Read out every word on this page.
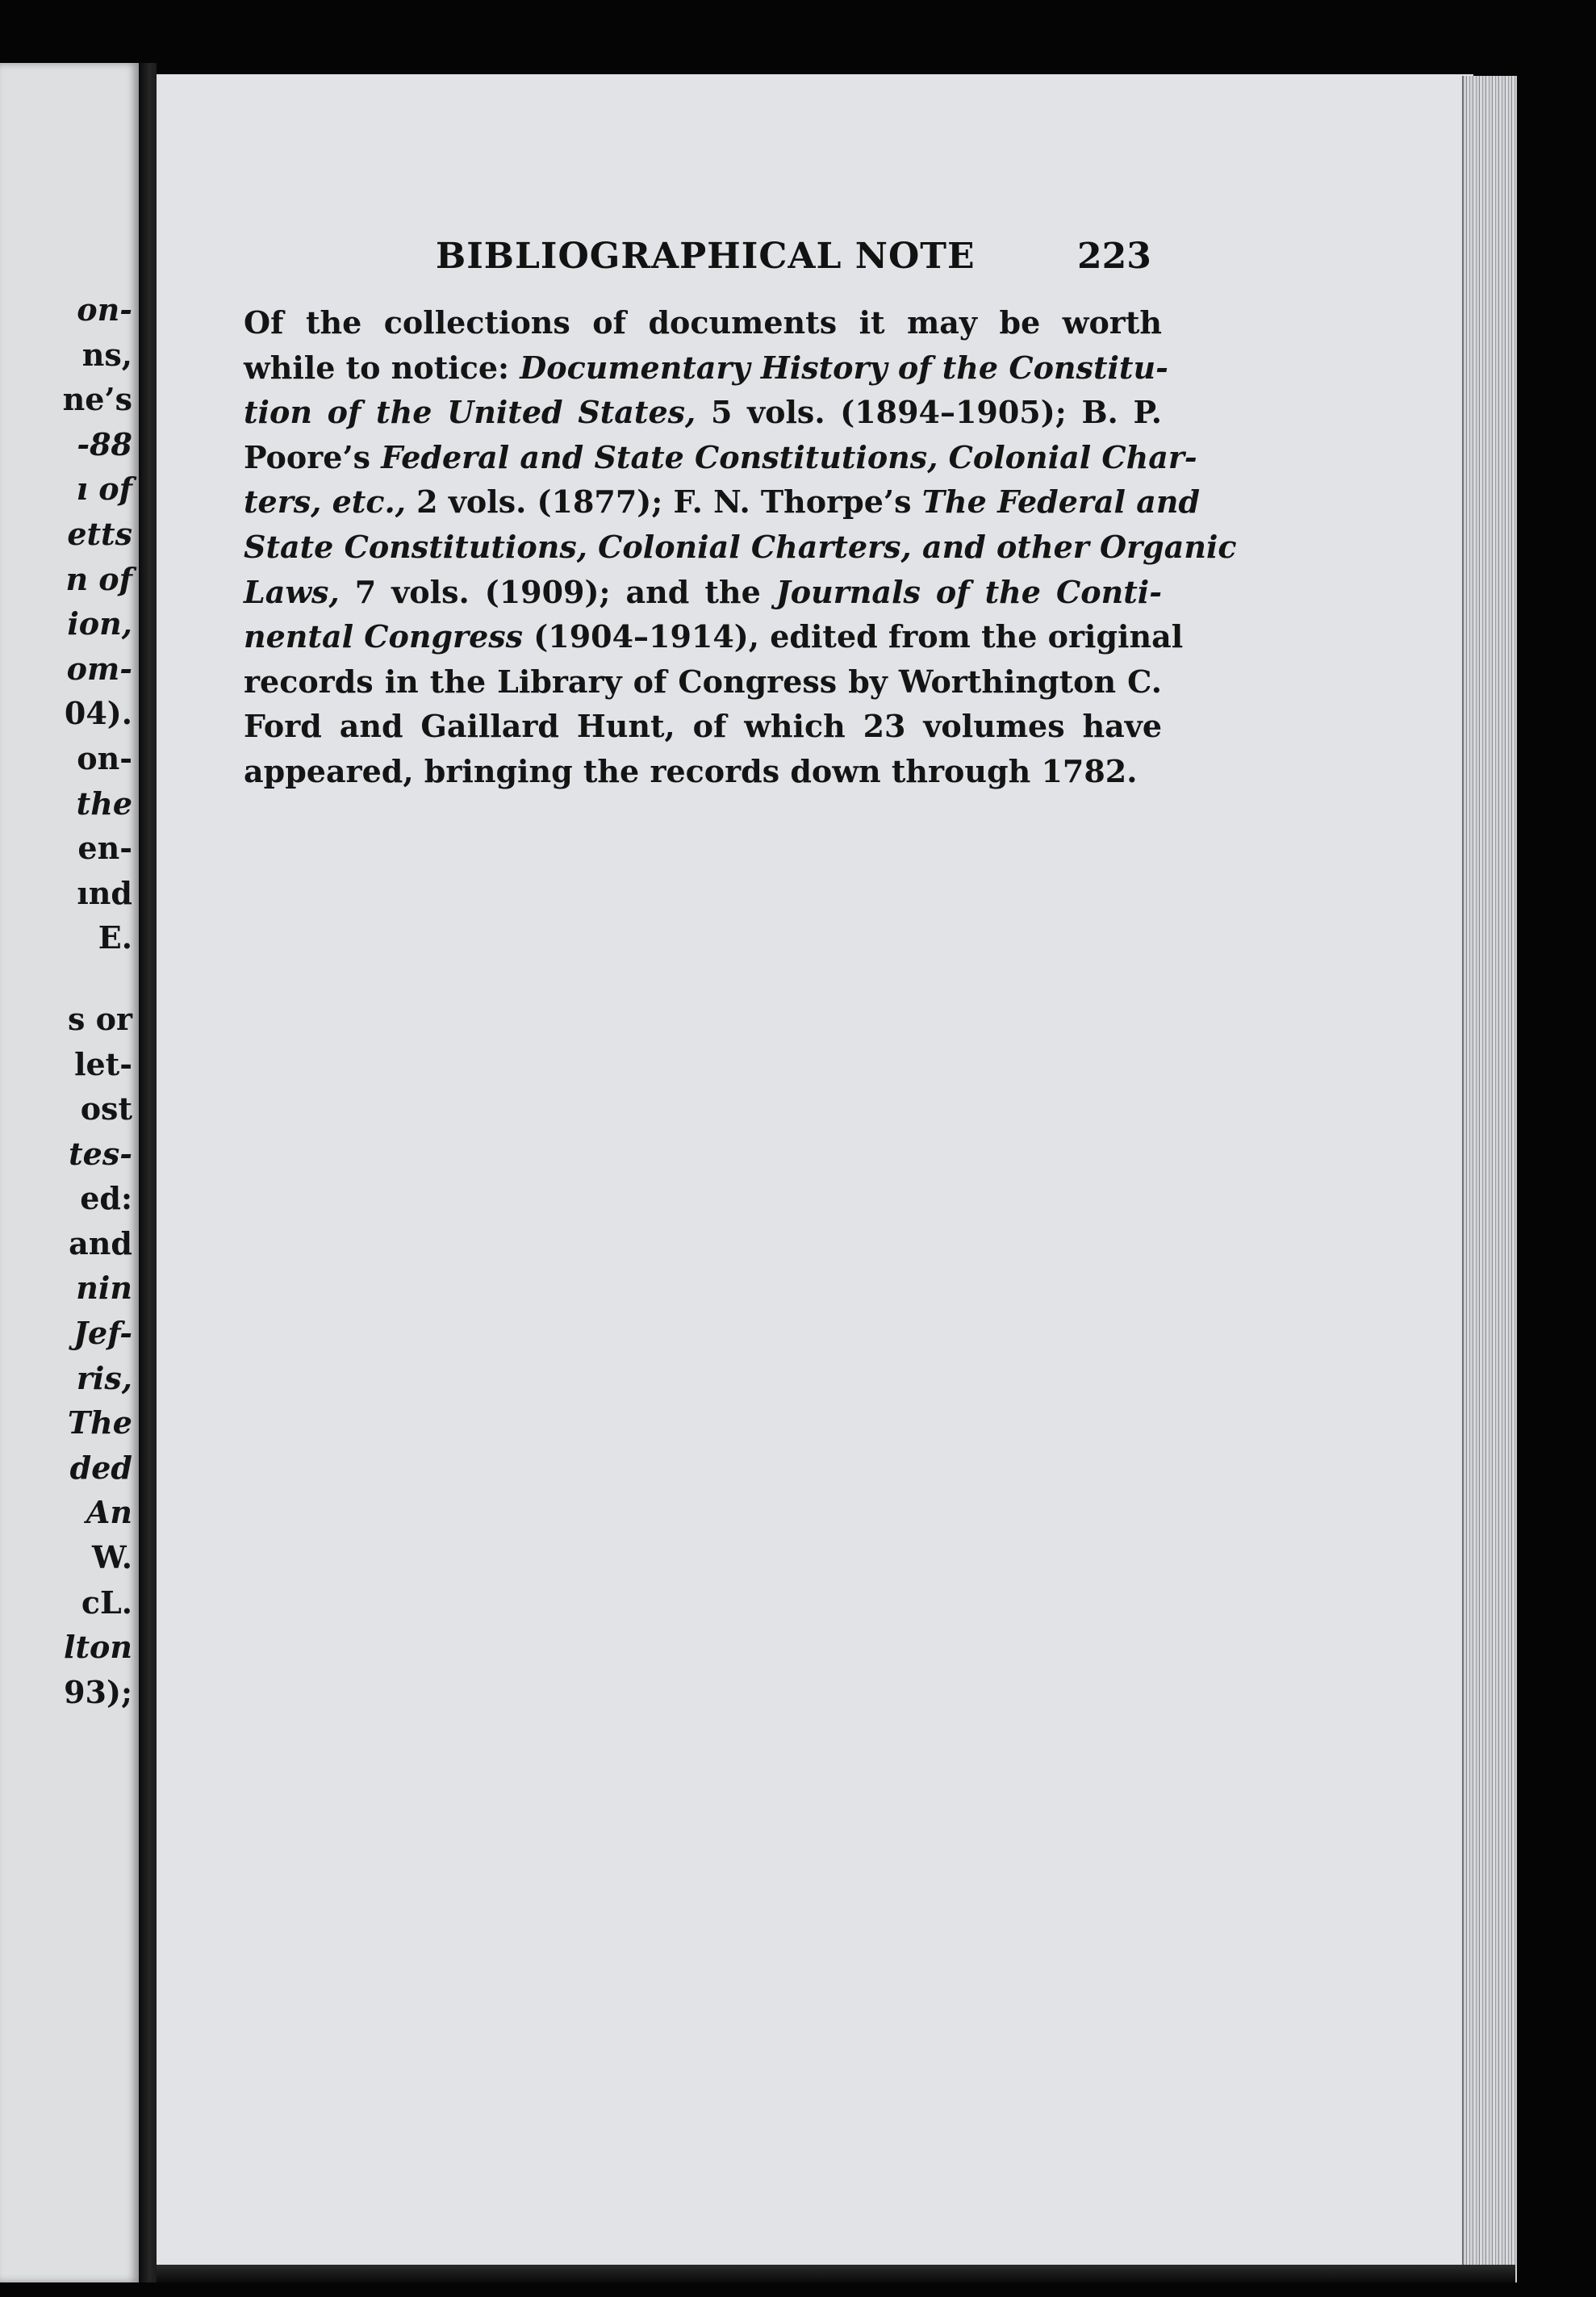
on-
ns,
ne’s
-88
ı of
etts
n of
ion,
om-
04).
on-
the
en-
ınd
E.
s or
let-
ost
tes-
ed:
and
nin
Jef-
ris,
The
ded
An
W.
cL.
lton
93);
BIBLIOGRAPHICAL NOTE	223

Of the collections of documents it may be worth
while to notice: Documentary History of the Constitu-
tion of the United States, 5 vols. (1894–1905); B. P.
Poore’s Federal and State Constitutions, Colonial Char-
ters, etc., 2 vols. (1877); F. N. Thorpe’s The Federal and
State Constitutions, Colonial Charters, and other Organic
Laws, 7 vols. (1909); and the Journals of the Conti-
nental Congress (1904–1914), edited from the original
records in the Library of Congress by Worthington C.
Ford and Gaillard Hunt, of which 23 volumes have
appeared, bringing the records down through 1782.
